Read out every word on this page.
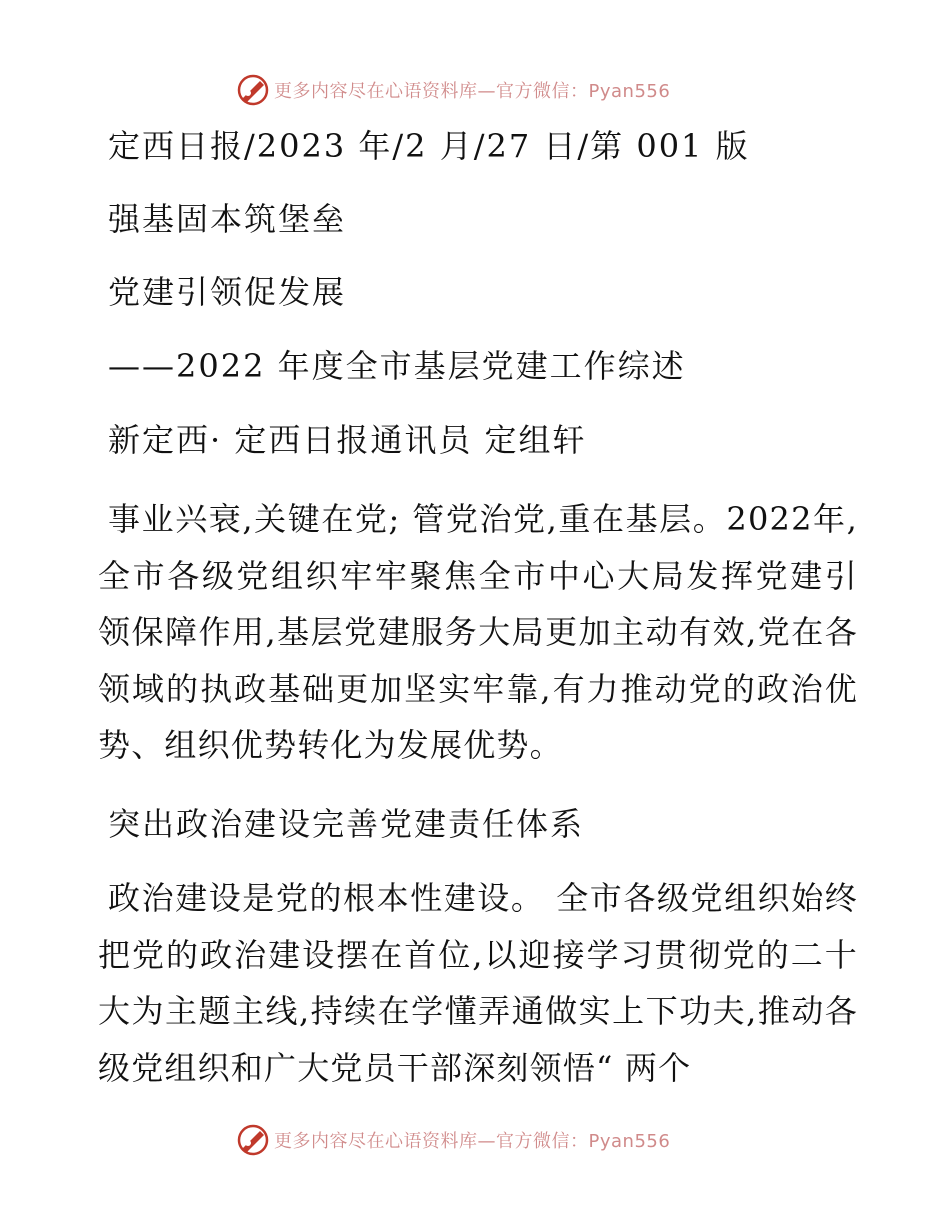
更多内容尽在心语资料库—官方微信：Pyan556
定西日报/2023 年/2 月/27 日/第 001 版
强基固本筑堡垒
党建引领促发展
——2022 年度全市基层党建工作综述
新定西· 定西日报通讯员 定组轩
事业兴衰,关键在党; 管党治党,重在基层。2022年,全市各级党组织牢牢聚焦全市中心大局发挥党建引领保障作用,基层党建服务大局更加主动有效,党在各领域的执政基础更加坚实牢靠,有力推动党的政治优势、组织优势转化为发展优势。
突出政治建设完善党建责任体系
政治建设是党的根本性建设。 全市各级党组织始终把党的政治建设摆在首位,以迎接学习贯彻党的二十大为主题主线,持续在学懂弄通做实上下功夫,推动各级党组织和广大党员干部深刻领悟“ 两个
更多内容尽在心语资料库—官方微信：Pyan556
